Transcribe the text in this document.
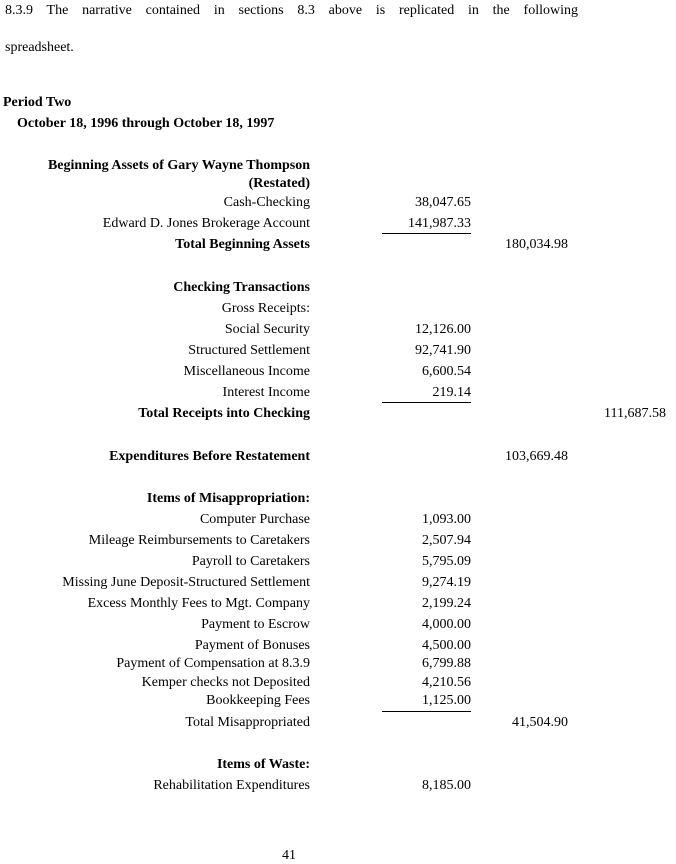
8.3.9 The narrative contained in sections 8.3 above is replicated in the following
spreadsheet.
Period Two
October 18, 1996 through October 18, 1997
Beginning Assets of Gary Wayne Thompson
(Restated)
Cash-Checking	38,047.65
Edward D. Jones Brokerage Account	141,987.33
Total Beginning Assets	180,034.98
Checking Transactions
Gross Receipts:
Social Security	12,126.00
Structured Settlement	92,741.90
Miscellaneous Income	6,600.54
Interest Income	219.14
Total Receipts into Checking	111,687.58
Expenditures Before Restatement	103,669.48
Items of Misappropriation:
Computer Purchase	1,093.00
Mileage Reimbursements to Caretakers	2,507.94
Payroll to Caretakers	5,795.09
Missing June Deposit-Structured Settlement	9,274.19
Excess Monthly Fees to Mgt. Company	2,199.24
Payment to Escrow	4,000.00
Payment of Bonuses	4,500.00
Payment of Compensation at 8.3.9	6,799.88
Kemper checks not Deposited	4,210.56
Bookkeeping Fees	1,125.00
Total Misappropriated	41,504.90
Items of Waste:
Rehabilitation Expenditures	8,185.00
41
